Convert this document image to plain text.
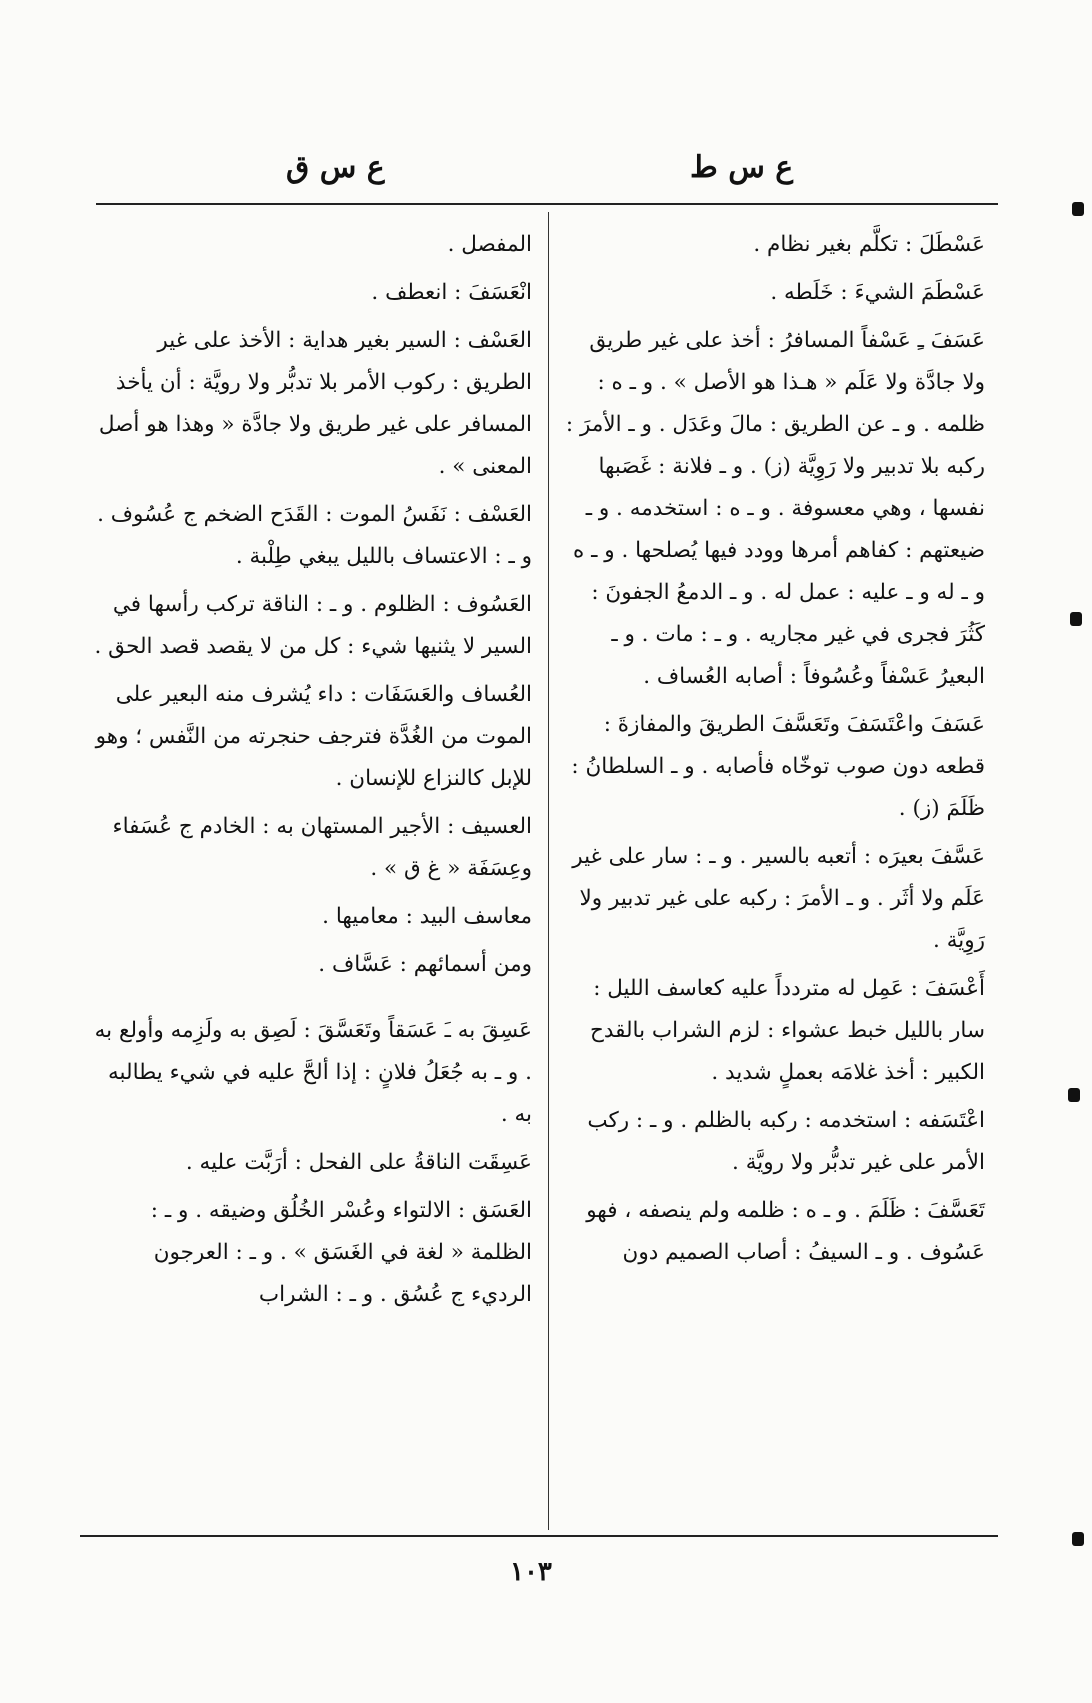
ع س ط
ع س ق

عَسْطَلَ : تكلَّم بغير نظام .

عَسْطَمَ الشيءَ : خَلَطه .

عَسَفَ ـِ عَسْفاً المسافرُ : أخذ على غير طريق ولا جادَّة ولا عَلَم « هـذا هو الأصل » . و ـ ه : ظلمه . و ـ عن الطريق : مالَ وعَدَل . و ـ الأمرَ : ركبه بلا تدبير ولا رَوِيَّة (ز) . و ـ فلانة : غَصَبها نفسها ، وهي معسوفة . و ـ ه : استخدمه . و ـ ضيعتهم : كفاهم أمرها وودد فيها يُصلحها . و ـ ه و ـ له و ـ عليه : عمل له . و ـ الدمعُ الجفونَ : كَثُرَ فجرى في غير مجاريه . و ـ : مات . و ـ البعيرُ عَسْفاً وعُسُوفاً : أصابه العُساف .

عَسَفَ واعْتَسَفَ وتَعَسَّفَ الطريقَ والمفازةَ : قطعه دون صوب توخّاه فأصابه . و ـ السلطانُ : ظَلَمَ (ز) .

عَسَّفَ بعيرَه : أتعبه بالسير . و ـ : سار على غير عَلَم ولا أثَر . و ـ الأمرَ : ركبه على غير تدبير ولا رَوِيَّة .

أَعْسَفَ : عَمِل له متردداً عليه كعاسف الليل : سار بالليل خبط عشواء : لزم الشراب بالقدح الكبير : أخذ غلامَه بعملٍ شديد .

اعْتَسَفه : استخدمه : ركبه بالظلم . و ـ : ركب الأمر على غير تدبُّر ولا رويَّة .

تَعَسَّفَ : ظَلَمَ . و ـ ه : ظلمه ولم ينصفه ، فهو عَسُوف . و ـ السيفُ : أصاب الصميم دون

المفصل .

انْعَسَفَ : انعطف .

العَسْف : السير بغير هداية : الأخذ على غير الطريق : ركوب الأمر بلا تدبُّر ولا رويَّة : أن يأخذ المسافر على غير طريق ولا جادَّة « وهذا هو أصل المعنى » .

العَسْف : نَفَسُ الموت : القَدَح الضخم ج عُسُوف . و ـ : الاعتساف بالليل يبغي طِلْبة .

العَسُوف : الظلوم . و ـ : الناقة تركب رأسها في السير لا يثنيها شيء : كل من لا يقصد قصد الحق .

العُساف والعَسَفَات : داء يُشرف منه البعير على الموت من الغُدَّة فترجف حنجرته من النَّفس ؛ وهو للإبل كالنزاع للإنسان .

العسيف : الأجير المستهان به : الخادم ج عُسَفاء وعِسَفَة « غ ق » .

معاسف البيد : معاميها .

ومن أسمائهم : عَسَّاف .

عَسِقَ به ـَ عَسَقاً وتَعَسَّقَ : لَصِق به ولَزِمه وأولع به . و ـ به جُعَلُ فلانٍ : إذا ألحَّ عليه في شيء يطالبه به .

عَسِقَت الناقةُ على الفحل : أرَبَّت عليه .

العَسَق : الالتواء وعُسْر الخُلُق وضيقه . و ـ : الظلمة « لغة في الغَسَق » . و ـ : العرجون الرديء ج عُسُق . و ـ : الشراب

١٠٣
